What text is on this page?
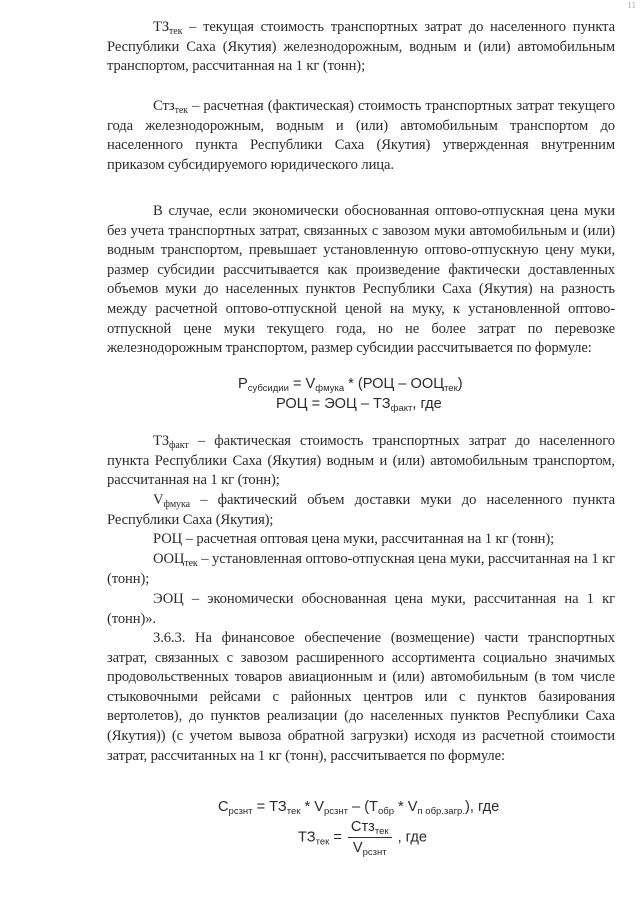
11

$ТЗ_{тек}$ – текущая стоимость транспортных затрат до населенного пункта Республики Саха (Якутия) железнодорожным, водным и (или) автомобильным транспортом, рассчитанная на 1 кг (тонн);

Стз$_{тек}$ – расчетная (фактическая) стоимость транспортных затрат текущего года железнодорожным, водным и (или) автомобильным транспортом до населенного пункта Республики Саха (Якутия) утвержденная внутренним приказом субсидируемого юридического лица.

В случае, если экономически обоснованная оптово-отпускная цена муки без учета транспортных затрат, связанных с завозом муки автомобильным и (или) водным транспортом, превышает установленную оптово-отпускную цену муки, размер субсидии рассчитывается как произведение фактически доставленных объемов муки до населенных пунктов Республики Саха (Якутия) на разность между расчетной оптово-отпускной ценой на муку, к установленной оптово-отпускной цене муки текущего года, но не более затрат по перевозке железнодорожным транспортом, размер субсидии рассчитывается по формуле:

$Р_{субсидии} = V_{фмука} * (РОЦ - ООЦ_{тек})$
РОЦ = ЭОЦ – $ТЗ_{факт}$, где

$ТЗ_{факт}$ – фактическая стоимость транспортных затрат до населенного пункта Республики Саха (Якутия) водным и (или) автомобильным транспортом, рассчитанная на 1 кг (тонн);

$V_{фмука}$ – фактический объем доставки муки до населенного пункта Республики Саха (Якутия);

РОЦ – расчетная оптовая цена муки, рассчитанная на 1 кг (тонн);

$ООЦ_{тек}$ – установленная оптово-отпускная цена муки, рассчитанная на 1 кг (тонн);

ЭОЦ – экономически обоснованная цена муки, рассчитанная на 1 кг (тонн)».

3.6.3. На финансовое обеспечение (возмещение) части транспортных затрат, связанных с завозом расширенного ассортимента социально значимых продовольственных товаров авиационным и (или) автомобильным (в том числе стыковочными рейсами с районных центров или с пунктов базирования вертолетов), до пунктов реализации (до населенных пунктов Республики Саха (Якутия)) (с учетом вывоза обратной загрузки) исходя из расчетной стоимости затрат, рассчитанных на 1 кг (тонн), рассчитывается по формуле:

$С_{рсзнт} = ТЗ_{тек} * V_{рсзнт} - (Т_{обр} * V_{п обр.загр.})$, где
$ТЗ_{тек} = \frac{Стз_{тек}}{V_{рсзнт}}$ , где
